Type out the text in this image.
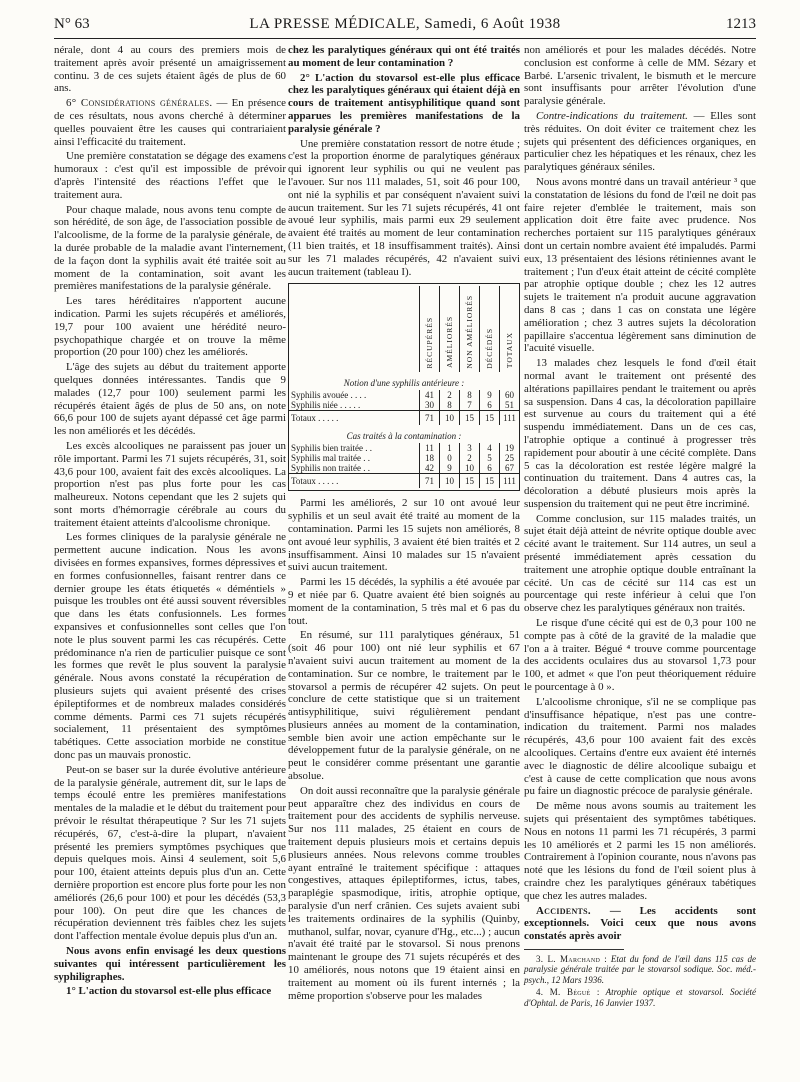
LA PRESSE MÉDICALE, Samedi, 6 Août 1938
N° 63	1213

nérale, dont 4 au cours des premiers mois de traitement après avoir présenté un amaigrissement continu. 3 de ces sujets étaient âgés de plus de 60 ans.

6° Considérations générales. — En présence de ces résultats, nous avons cherché à déterminer quelles pouvaient être les causes qui contrariaient ainsi l'efficacité du traitement.

Une première constatation se dégage des examens humoraux : c'est qu'il est impossible de prévoir d'après l'intensité des réactions l'effet que le traitement aura.

Pour chaque malade, nous avons tenu compte de son hérédité, de son âge, de l'association possible de l'alcoolisme, de la forme de la paralysie générale, de la durée probable de la maladie avant l'internement, de la façon dont la syphilis avait été traitée soit au moment de la contamination, soit avant les premières manifestations de la paralysie générale.

Les tares héréditaires n'apportent aucune indication. Parmi les sujets récupérés et améliorés, 19,7 pour 100 avaient une hérédité neuro-psychopathique chargée et on trouve la même proportion (20 pour 100) chez les améliorés.

L'âge des sujets au début du traitement apporte quelques données intéressantes. Tandis que 9 malades (12,7 pour 100) seulement parmi les récupérés étaient âgés de plus de 50 ans, on note 66,6 pour 100 de sujets ayant dépassé cet âge parmi les non améliorés et les décédés.

Les excès alcooliques ne paraissent pas jouer un rôle important. Parmi les 71 sujets récupérés, 31, soit 43,6 pour 100, avaient fait des excès alcooliques. La proportion n'est pas plus forte pour les cas malheureux. Notons cependant que les 2 sujets qui sont morts d'hémorragie cérébrale au cours du traitement étaient atteints d'alcoolisme chronique.

Les formes cliniques de la paralysie générale ne permettent aucune indication. Nous les avons divisées en formes expansives, formes dépressives et en formes confusionnelles, faisant rentrer dans ce dernier groupe les états étiquetés « déméntiels » puisque les troubles ont été aussi souvent réversibles que dans les états confusionnels. Les formes expansives et confusionnelles sont celles que l'on note le plus souvent parmi les cas récupérés. Cette prédominance n'a rien de particulier puisque ce sont les formes que revêt le plus souvent la paralysie générale. Nous avons constaté la récupération de plusieurs sujets qui avaient présenté des crises épileptiformes et de nombreux malades considérés comme déments. Parmi ces 71 sujets récupérés socialement, 11 présentaient des symptômes tabétiques. Cette association morbide ne constitue donc pas un mauvais pronostic.

Peut-on se baser sur la durée évolutive antérieure de la paralysie générale, autrement dit, sur le laps de temps écoulé entre les premières manifestations mentales de la maladie et le début du traitement pour prévoir le résultat thérapeutique ? Sur les 71 sujets récupérés, 67, c'est-à-dire la plupart, n'avaient présenté les premiers symptômes psychiques que depuis quelques mois. Ainsi 4 seulement, soit 5,6 pour 100, étaient atteints depuis plus d'un an. Cette dernière proportion est encore plus forte pour les non améliorés (26,6 pour 100) et pour les décédés (53,3 pour 100). On peut dire que les chances de récupération deviennent très faibles chez les sujets dont l'affection mentale évolue depuis plus d'un an.

Nous avons enfin envisagé les deux questions suivantes qui intéressent particulièrement les syphiligraphes.

1° L'action du stovarsol est-elle plus efficace

chez les paralytiques généraux qui ont été traités au moment de leur contamination ?

2° L'action du stovarsol est-elle plus efficace chez les paralytiques généraux qui étaient déjà en cours de traitement antisyphilitique quand sont apparues les premières manifestations de la paralysie générale ?

Une première constatation ressort de notre étude ; c'est la proportion énorme de paralytiques généraux qui ignorent leur syphilis ou qui ne veulent pas l'avouer. Sur nos 111 malades, 51, soit 46 pour 100, ont nié la syphilis et par conséquent n'avaient suivi aucun traitement. Sur les 71 sujets récupérés, 41 ont avoué leur syphilis, mais parmi eux 29 seulement avaient été traités au moment de leur contamination (11 bien traités, et 18 insuffisamment traités). Ainsi sur les 71 malades récupérés, 42 n'avaient suivi aucun traitement (tableau I).

	RÉCUPÉRÉS	AMÉLIORÉS	NON AMÉLIORÉS	DÉCÉDÉS	TOTAUX

Notion d'une syphilis antérieure :					
Syphilis avouée . . . .	41	2	8	9	60
Syphilis niée . . . . .	30	8	7	6	51
Totaux . . . . .	71	10	15	15	111
Cas traités à la contamination :					
Syphilis bien traitée . .	11	1	3	4	19
Syphilis mal traitée . .	18	0	2	5	25
Syphilis non traitée . .	42	9	10	6	67
Totaux . . . . .	71	10	15	15	111

Parmi les améliorés, 2 sur 10 ont avoué leur syphilis et un seul avait été traité au moment de la contamination. Parmi les 15 sujets non améliorés, 8 ont avoué leur syphilis, 3 avaient été bien traités et 2 insuffisamment. Ainsi 10 malades sur 15 n'avaient suivi aucun traitement.

Parmi les 15 décédés, la syphilis a été avouée par 9 et niée par 6. Quatre avaient été bien soignés au moment de la contamination, 5 très mal et 6 pas du tout.

En résumé, sur 111 paralytiques généraux, 51 (soit 46 pour 100) ont nié leur syphilis et 67 n'avaient suivi aucun traitement au moment de la contamination. Sur ce nombre, le traitement par le stovarsol a permis de récupérer 42 sujets. On peut conclure de cette statistique que si un traitement antisyphilitique, suivi régulièrement pendant plusieurs années au moment de la contamination, semble bien avoir une action empêchante sur le développement futur de la paralysie générale, on ne peut le considérer comme présentant une garantie absolue.

On doit aussi reconnaître que la paralysie générale peut apparaître chez des individus en cours de traitement pour des accidents de syphilis nerveuse. Sur nos 111 malades, 25 étaient en cours de traitement depuis plusieurs mois et certains depuis plusieurs années. Nous relevons comme troubles ayant entraîné le traitement spécifique : attaques congestives, attaques épileptiformes, ictus, tabes, paraplégie spasmodique, iritis, atrophie optique, paralysie d'un nerf crânien. Ces sujets avaient subi les traitements ordinaires de la syphilis (Quinby, muthanol, sulfar, novar, cyanure d'Hg., etc...) ; aucun n'avait été traité par le stovarsol. Si nous prenons maintenant le groupe des 71 sujets récupérés et des 10 améliorés, nous notons que 19 étaient ainsi en traitement au moment où ils furent internés ; la même proportion s'observe pour les malades

non améliorés et pour les malades décédés. Notre conclusion est conforme à celle de MM. Sézary et Barbé. L'arsenic trivalent, le bismuth et le mercure sont insuffisants pour arrêter l'évolution d'une paralysie générale.

Contre-indications du traitement. — Elles sont très réduites. On doit éviter ce traitement chez les sujets qui présentent des déficiences organiques, en particulier chez les hépatiques et les rénaux, chez les paralytiques généraux séniles.

Nous avons montré dans un travail antérieur ³ que la constatation de lésions du fond de l'œil ne doit pas faire rejeter d'emblée le traitement, mais son application doit être faite avec prudence. Nos recherches portaient sur 115 paralytiques généraux dont un certain nombre avaient été impaludés. Parmi eux, 13 présentaient des lésions rétiniennes avant le traitement ; l'un d'eux était atteint de cécité complète par atrophie optique double ; chez les 12 autres sujets le traitement n'a produit aucune aggravation dans 8 cas ; dans 1 cas on constata une légère amélioration ; chez 3 autres sujets la décoloration papillaire s'accentua légèrement sans diminution de l'acuité visuelle.

13 malades chez lesquels le fond d'œil était normal avant le traitement ont présenté des altérations papillaires pendant le traitement ou après sa suspension. Dans 4 cas, la décoloration papillaire est survenue au cours du traitement qui a été suspendu immédiatement. Dans un de ces cas, l'atrophie optique a continué à progresser très rapidement pour aboutir à une cécité complète. Dans 5 cas la décoloration est restée légère malgré la continuation du traitement. Dans 4 autres cas, la décoloration a débuté plusieurs mois après la suspension du traitement qui ne peut être incriminé.

Comme conclusion, sur 115 malades traités, un sujet était déjà atteint de névrite optique double avec cécité avant le traitement. Sur 114 autres, un seul a présenté immédiatement après cessation du traitement une atrophie optique double entraînant la cécité. Un cas de cécité sur 114 cas est un pourcentage qui reste inférieur à celui que l'on observe chez les paralytiques généraux non traités.

Le risque d'une cécité qui est de 0,3 pour 100 ne compte pas à côté de la gravité de la maladie que l'on a à traiter. Bégué ⁴ trouve comme pourcentage des accidents oculaires dus au stovarsol 1,73 pour 100, et admet « que l'on peut théoriquement réduire le pourcentage à 0 ».

L'alcoolisme chronique, s'il ne se complique pas d'insuffisance hépatique, n'est pas une contre-indication du traitement. Parmi nos malades récupérés, 43,6 pour 100 avaient fait des excès alcooliques. Certains d'entre eux avaient été internés avec le diagnostic de délire alcoolique subaigu et c'est à cause de cette complication que nous avons pu faire un diagnostic précoce de paralysie générale.

De même nous avons soumis au traitement les sujets qui présentaient des symptômes tabétiques. Nous en notons 11 parmi les 71 récupérés, 3 parmi les 10 améliorés et 2 parmi les 15 non améliorés. Contrairement à l'opinion courante, nous n'avons pas noté que les lésions du fond de l'œil soient plus à craindre chez les paralytiques généraux tabétiques que chez les autres malades.

Accidents. — Les accidents sont exceptionnels. Voici ceux que nous avons constatés après avoir

3. L. Marchand : Etat du fond de l'œil dans 115 cas de paralysie générale traitée par le stovarsol sodique. Soc. méd.-psych., 12 Mars 1936.

4. M. Bégué : Atrophie optique et stovarsol. Société d'Ophtal. de Paris, 16 Janvier 1937.
